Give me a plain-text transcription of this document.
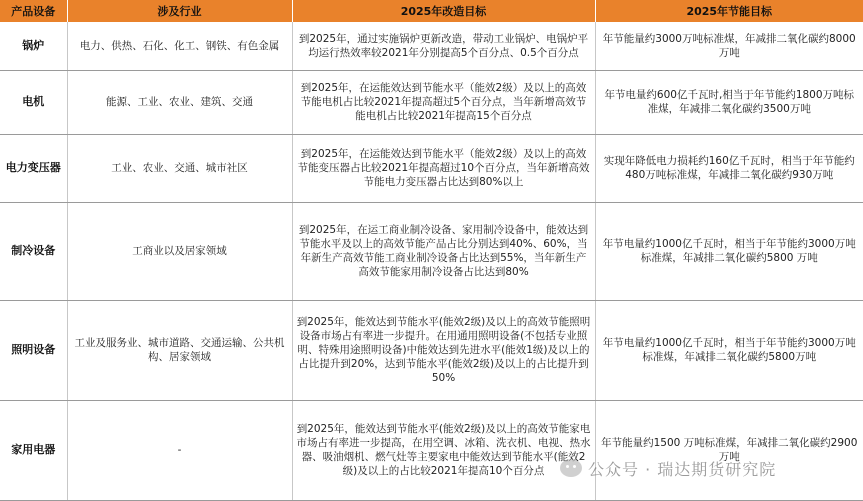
产品设备	涉及行业	2025年改造目标	2025年节能目标
锅炉	电力、供热、石化、化工、钢铁、有色金属	到2025年，通过实施锅炉更新改造，带动工业锅炉、电锅炉平均运行热效率较2021年分别提高5个百分点、0.5个百分点	年节能量约3000万吨标准煤，年减排二氧化碳约8000万吨
电机	能源、工业、农业、建筑、交通	到2025年，在运能效达到节能水平（能效2级）及以上的高效节能电机占比较2021年提高超过5个百分点，当年新增高效节能电机占比较2021年提高15个百分点	年节电量约600亿千瓦时,相当于年节能约1800万吨标准煤，年减排二氧化碳约3500万吨
电力变压器	工业、农业、交通、城市社区	到2025年，在运能效达到节能水平（能效2级）及以上的高效节能变压器占比较2021年提高超过10个百分点，当年新增高效节能电力变压器占比达到80%以上	实现年降低电力损耗约160亿千瓦时，相当于年节能约480万吨标准煤，年减排二氧化碳约930万吨
制冷设备	工商业以及居家领域	到2025年，在运工商业制冷设备、家用制冷设备中，能效达到节能水平及以上的高效节能产品占比分别达到40%、60%，当年新生产高效节能工商业制冷设备占比达到55%，当年新生产高效节能家用制冷设备占比达到80%	年节电量约1000亿千瓦时，相当于年节能约3000万吨标准煤，年减排二氧化碳约5800 万吨
照明设备	工业及服务业、城市道路、交通运输、公共机构、居家领域	到2025年，能效达到节能水平(能效2级)及以上的高效节能照明设备市场占有率进一步提升。在用通用照明设备(不包括专业照明、特殊用途照明设备)中能效达到先进水平(能效1级)及以上的占比提升到20%，达到节能水平(能效2级)及以上的占比提升到50%	年节电量约1000亿千瓦时，相当于年节能约3000万吨标准煤，年减排二氧化碳约5800万吨
家用电器	-	到2025年，能效达到节能水平(能效2级)及以上的高效节能家电市场占有率进一步提高，在用空调、冰箱、洗衣机、电视、热水器、吸油烟机、燃气灶等主要家电中能效达到节能水平(能效2级)及以上的占比较2021年提高10个百分点	年节能量约1500 万吨标准煤，年减排二氧化碳约2900万吨
公众号 · 瑞达期货研究院
